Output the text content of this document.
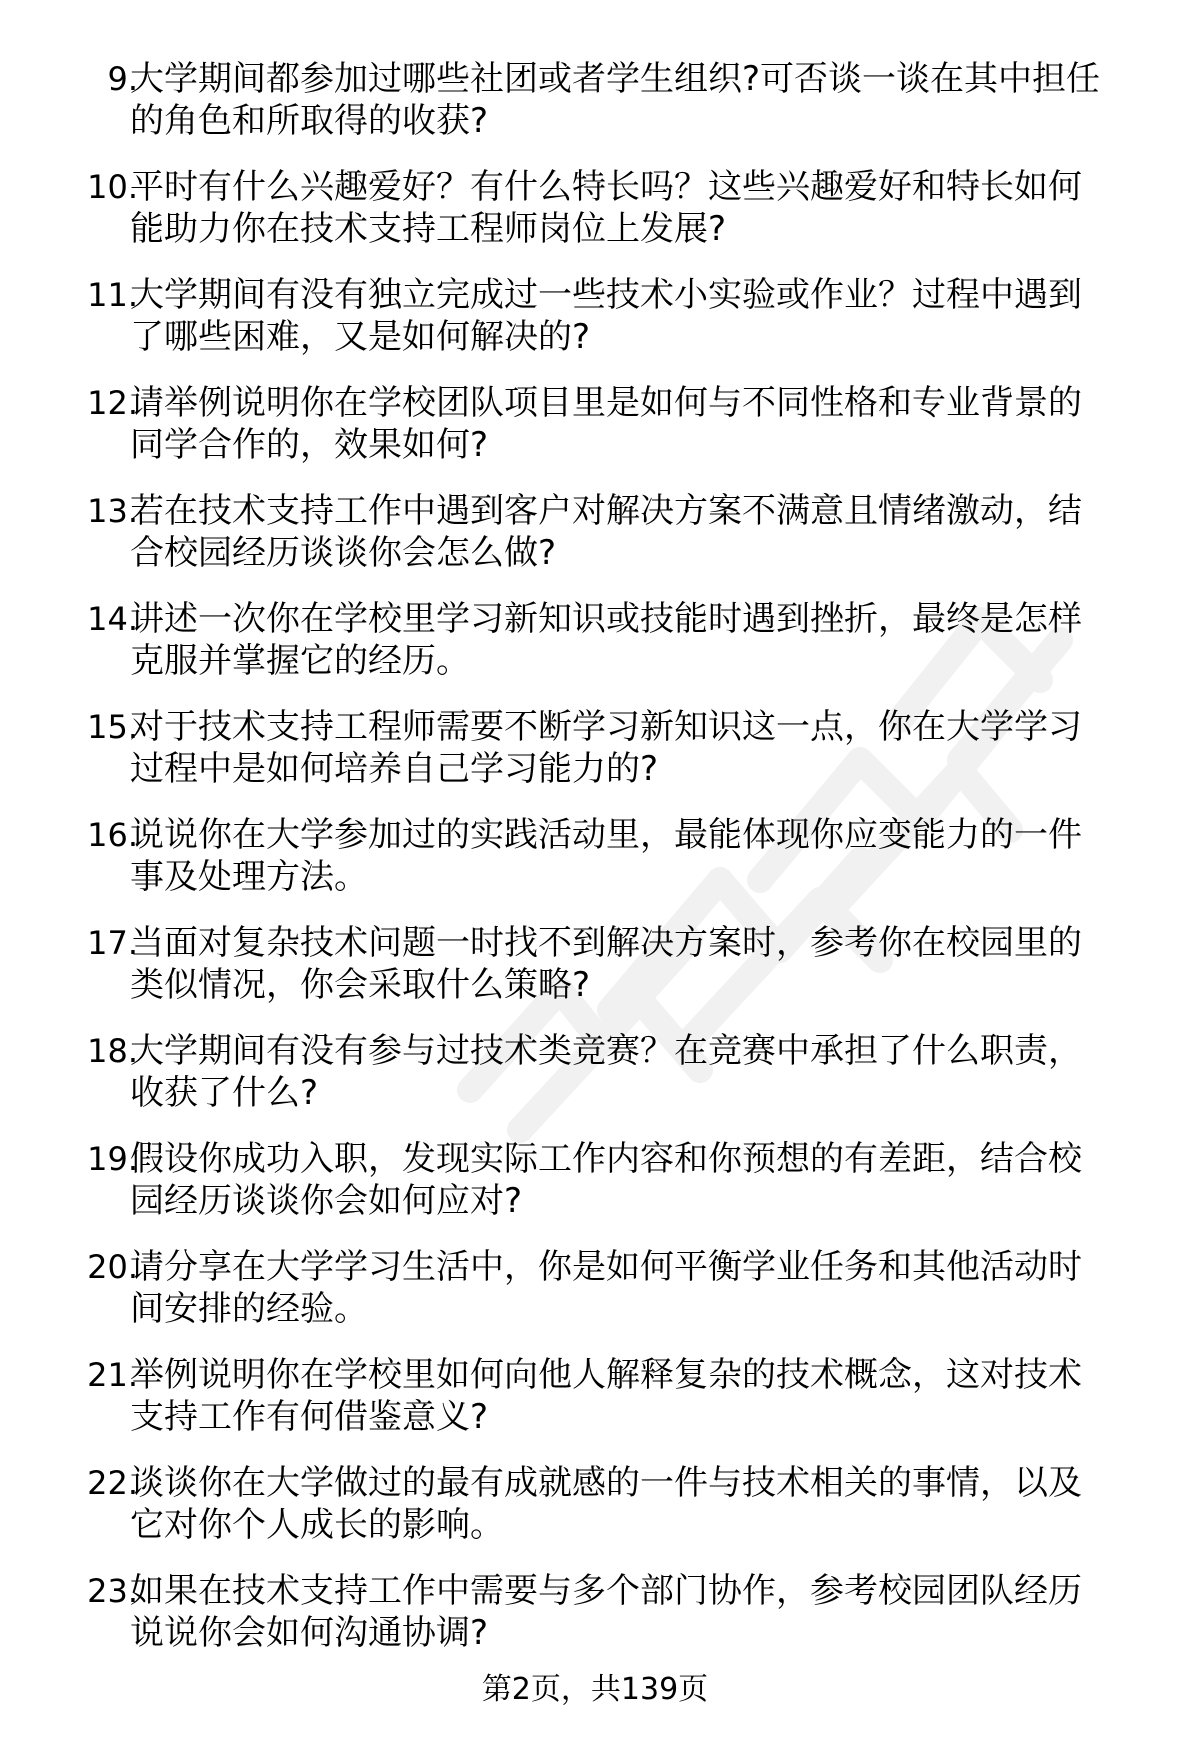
9.

大学期间都参加过哪些社团或者学生组织?可否谈一谈在其中担任
的角色和所取得的收获?

10.

平时有什么兴趣爱好？有什么特长吗？这些兴趣爱好和特长如何
能助力你在技术支持工程师岗位上发展?

11.

大学期间有没有独立完成过一些技术小实验或作业？过程中遇到
了哪些困难，又是如何解决的?

12.

请举例说明你在学校团队项目里是如何与不同性格和专业背景的
同学合作的，效果如何?

13.

若在技术支持工作中遇到客户对解决方案不满意且情绪激动，结
合校园经历谈谈你会怎么做?

14.

讲述一次你在学校里学习新知识或技能时遇到挫折，最终是怎样
克服并掌握它的经历。

15.

对于技术支持工程师需要不断学习新知识这一点，你在大学学习
过程中是如何培养自己学习能力的?

16.

说说你在大学参加过的实践活动里，最能体现你应变能力的一件
事及处理方法。

17.

当面对复杂技术问题一时找不到解决方案时，参考你在校园里的
类似情况，你会采取什么策略?

18.

大学期间有没有参与过技术类竞赛？在竞赛中承担了什么职责，
收获了什么?

19.

假设你成功入职，发现实际工作内容和你预想的有差距，结合校
园经历谈谈你会如何应对?

20.

请分享在大学学习生活中，你是如何平衡学业任务和其他活动时
间安排的经验。

21.

举例说明你在学校里如何向他人解释复杂的技术概念，这对技术
支持工作有何借鉴意义?

22.

谈谈你在大学做过的最有成就感的一件与技术相关的事情，以及
它对你个人成长的影响。

23.

如果在技术支持工作中需要与多个部门协作，参考校园团队经历
说说你会如何沟通协调?

第2页，共139页
